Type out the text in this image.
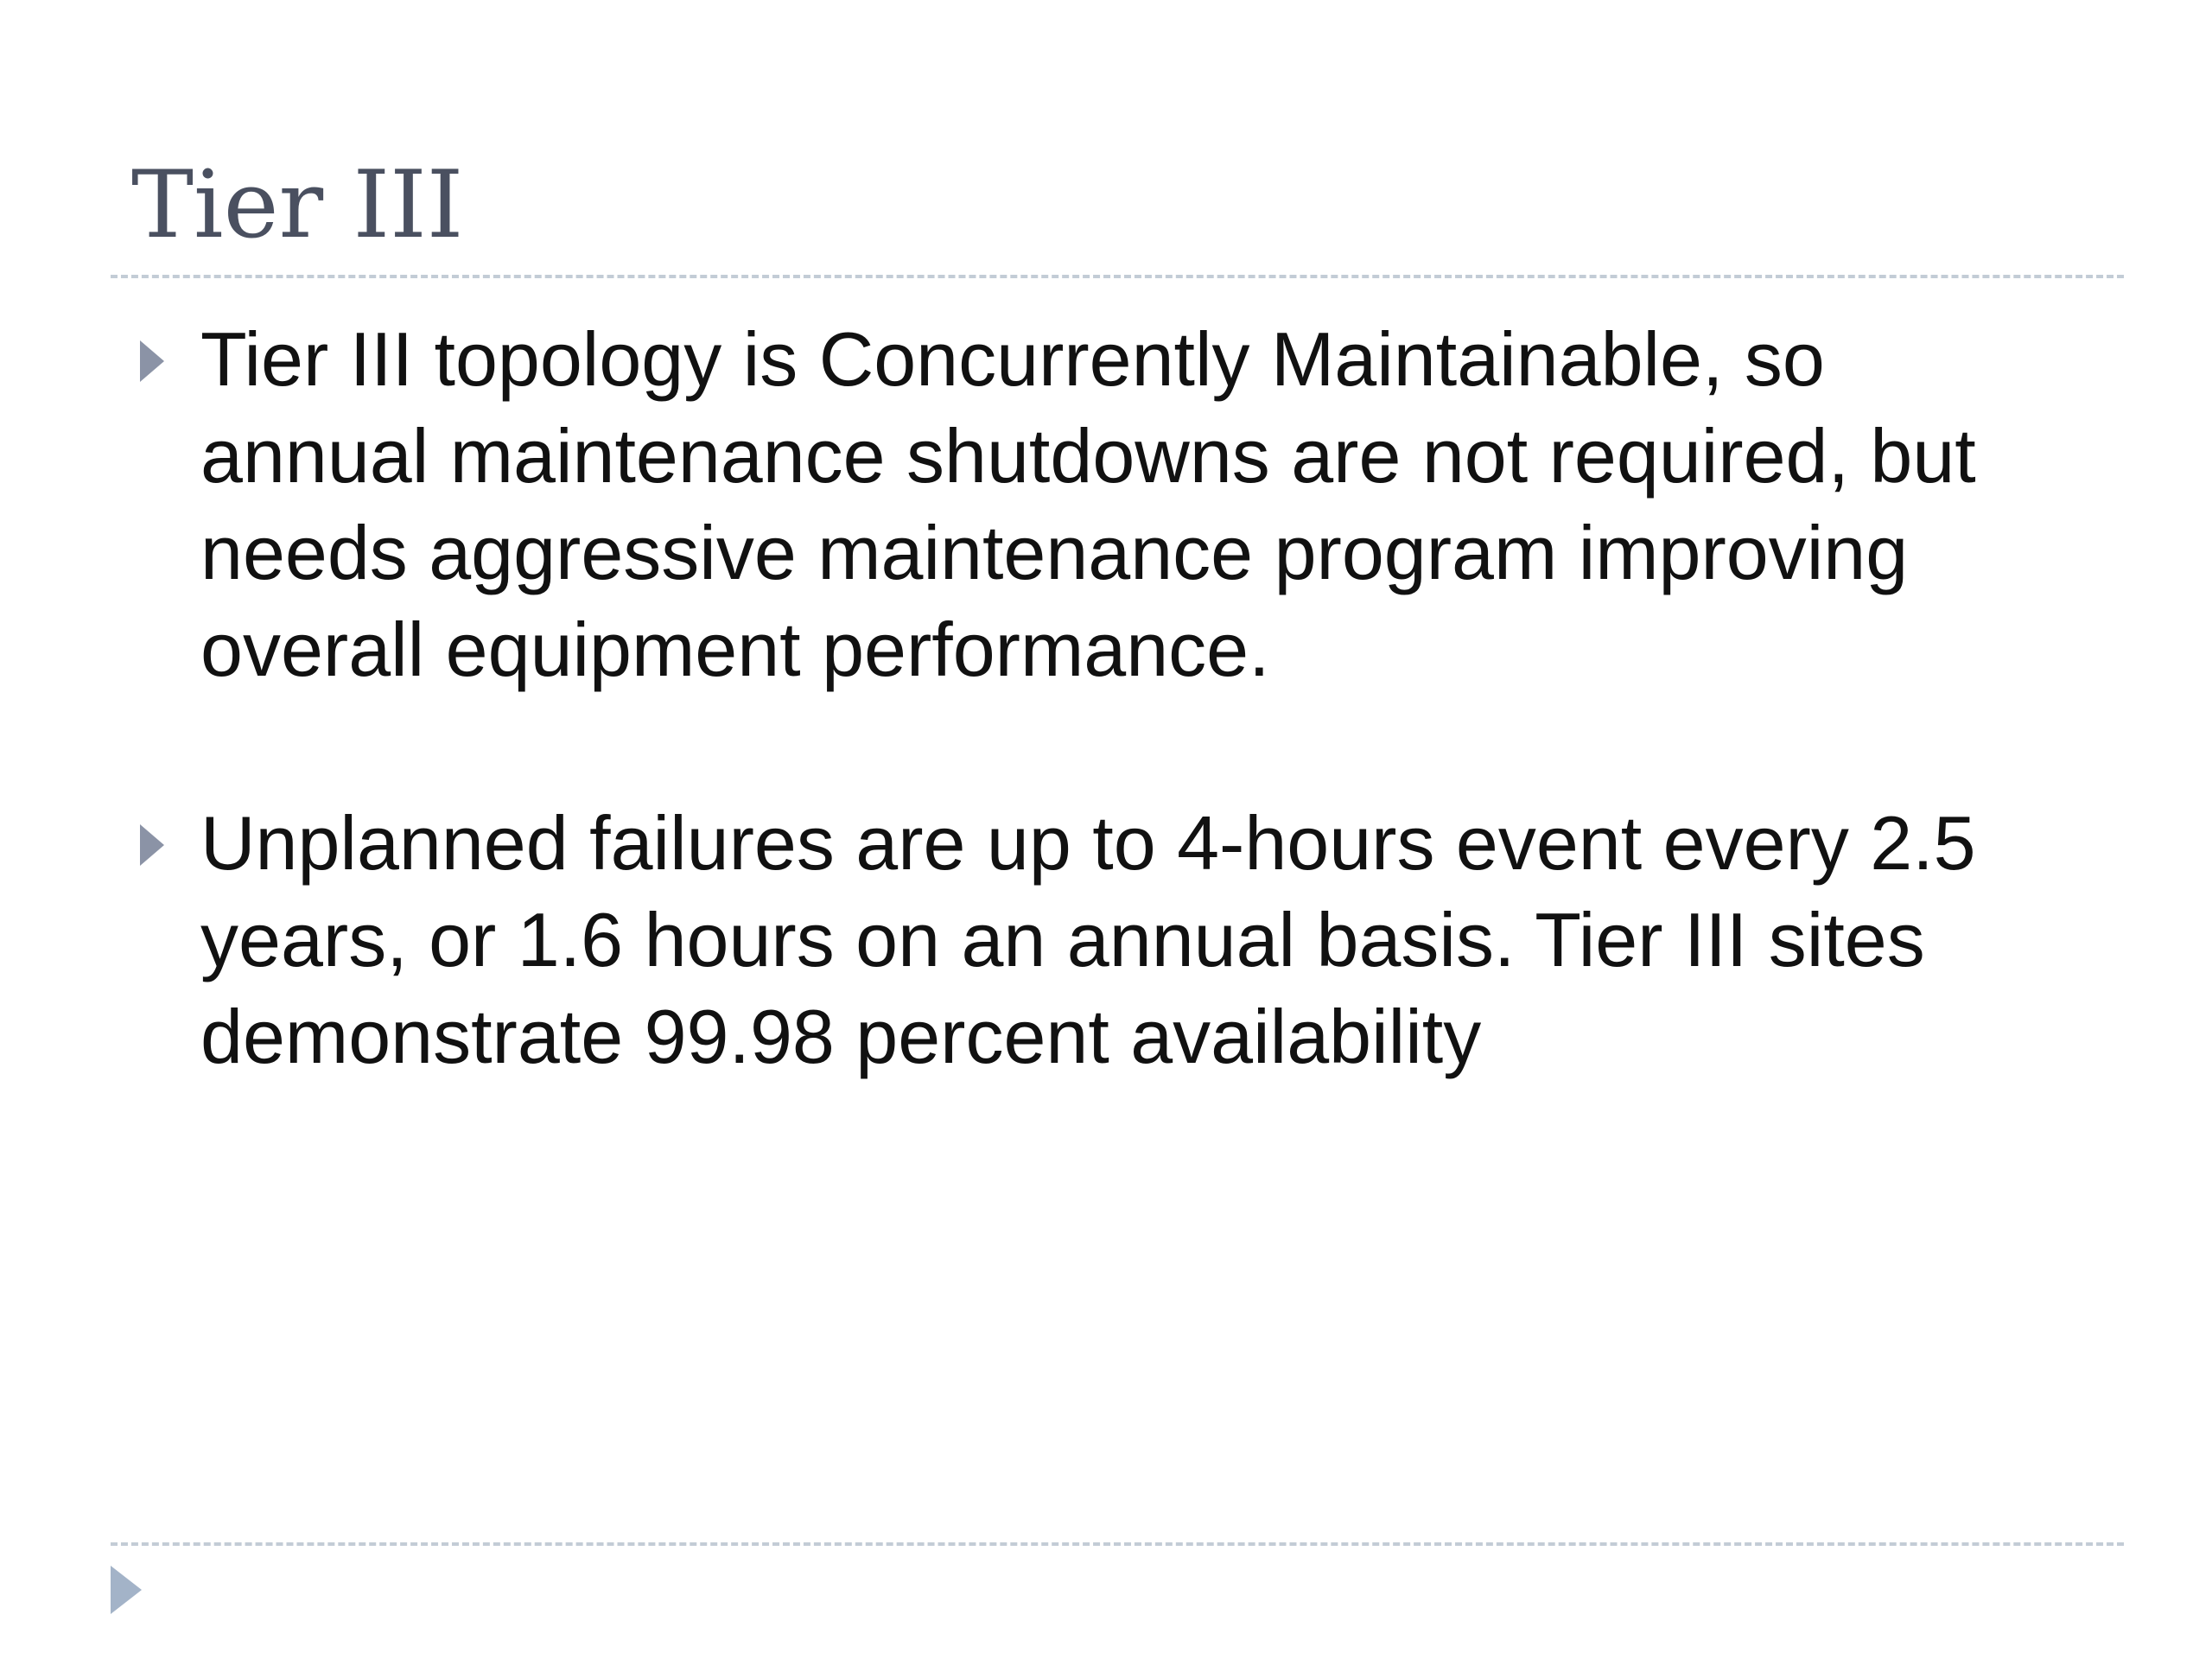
Tier III
Tier III topology is Concurrently Maintainable, so annual maintenance shutdowns are not required, but needs aggressive maintenance program improving overall equipment performance.
Unplanned failures are up to 4-hours event every 2.5 years, or 1.6 hours on an annual basis. Tier III sites demonstrate 99.98 percent availability
